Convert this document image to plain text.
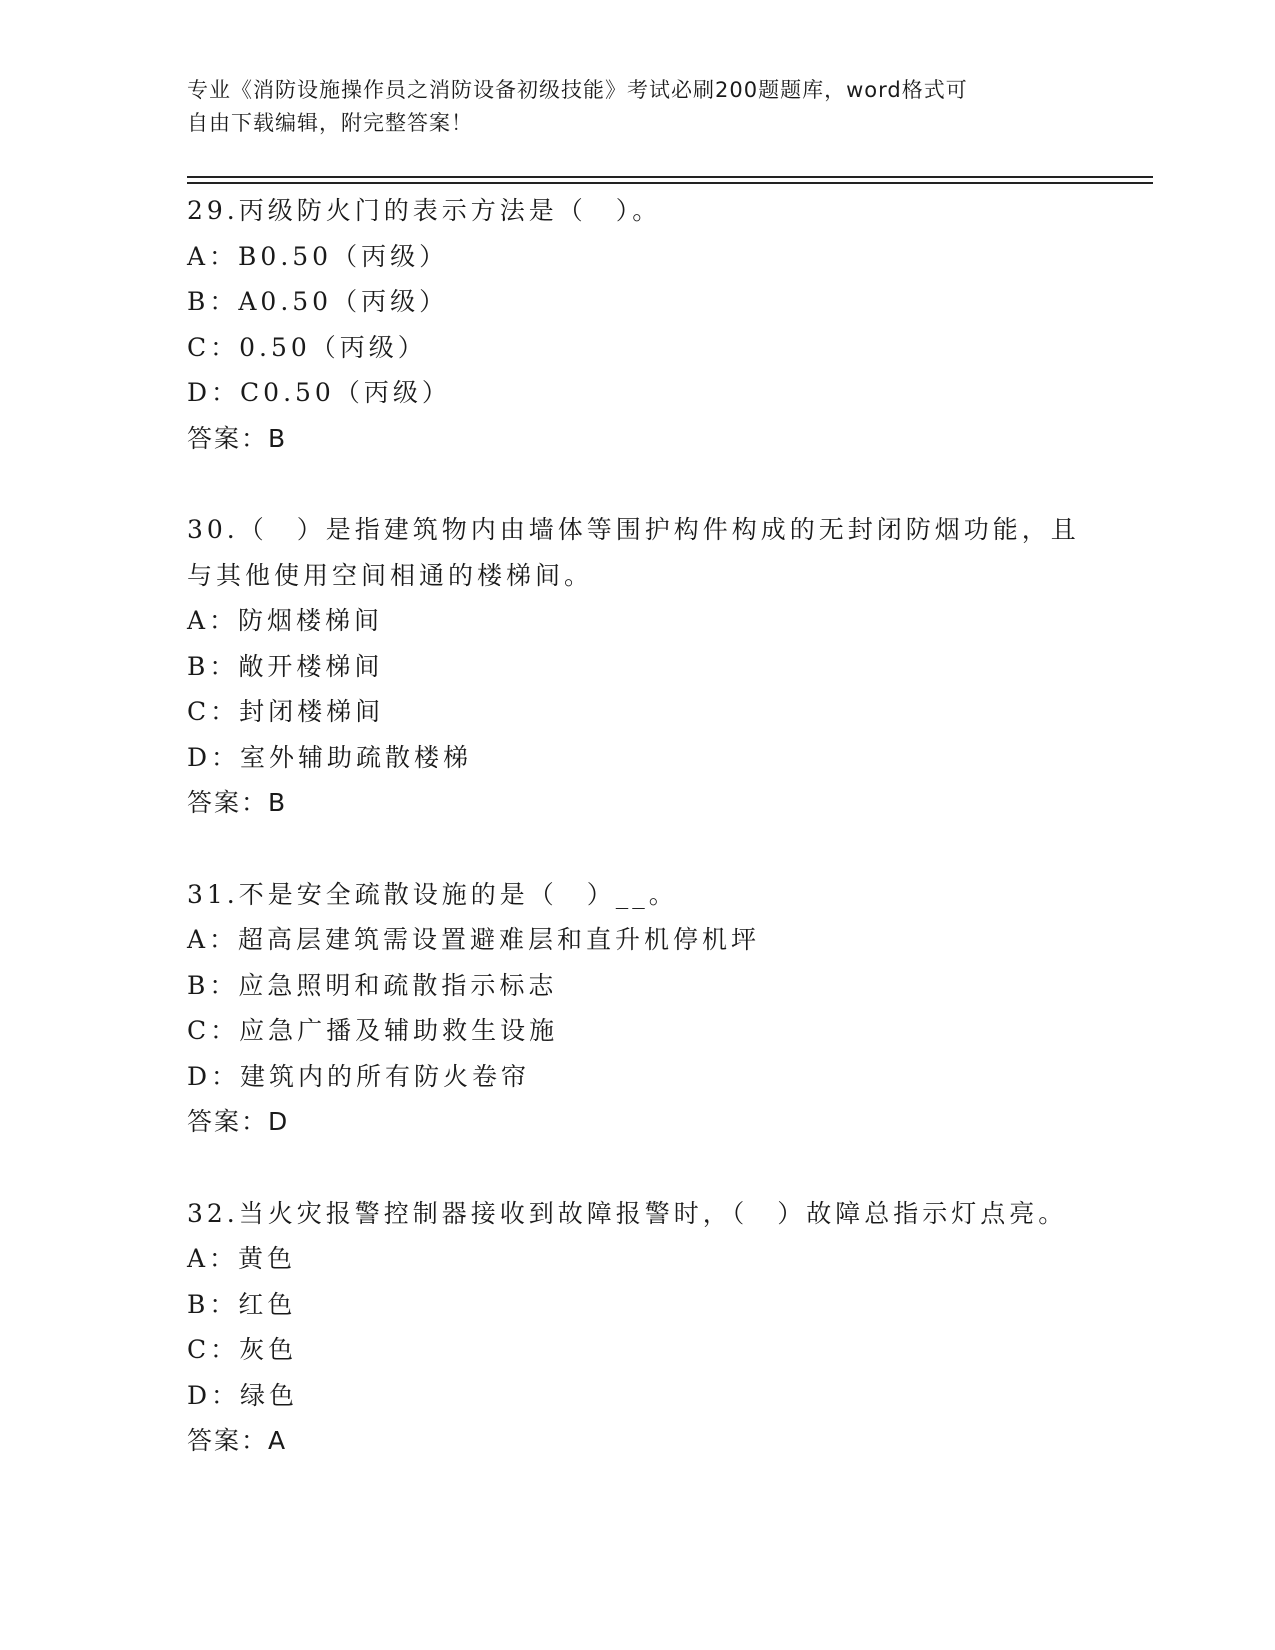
专业《消防设施操作员之消防设备初级技能》考试必刷200题题库，word格式可
自由下载编辑，附完整答案！
29.丙级防火门的表示方法是（　）。
A：B0.50（丙级）
B：A0.50（丙级）
C：0.50（丙级）
D：C0.50（丙级）
答案：B
30.（　）是指建筑物内由墙体等围护构件构成的无封闭防烟功能，且
与其他使用空间相通的楼梯间。
A：防烟楼梯间
B：敞开楼梯间
C：封闭楼梯间
D：室外辅助疏散楼梯
答案：B
31.不是安全疏散设施的是（　）__。
A：超高层建筑需设置避难层和直升机停机坪
B：应急照明和疏散指示标志
C：应急广播及辅助救生设施
D：建筑内的所有防火卷帘
答案：D
32.当火灾报警控制器接收到故障报警时，（　）故障总指示灯点亮。
A：黄色
B：红色
C：灰色
D：绿色
答案：A
